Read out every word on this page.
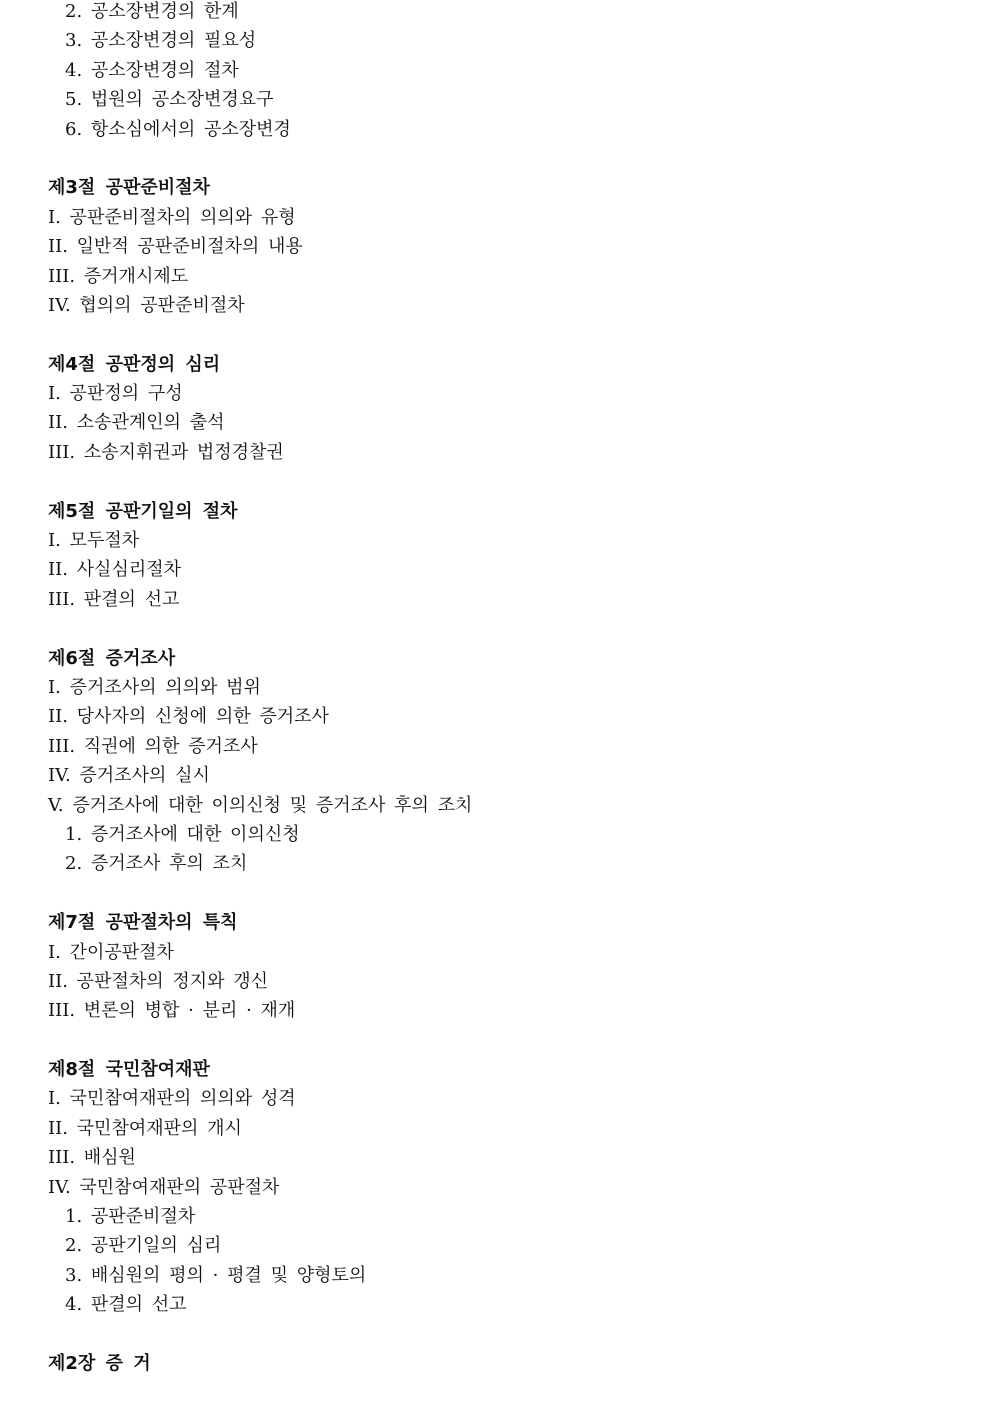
2. 공소장변경의 한계
3. 공소장변경의 필요성
4. 공소장변경의 절차
5. 법원의 공소장변경요구
6. 항소심에서의 공소장변경
제3절 공판준비절차
I. 공판준비절차의 의의와 유형
II. 일반적 공판준비절차의 내용
III. 증거개시제도
IV. 협의의 공판준비절차
제4절 공판정의 심리
I. 공판정의 구성
II. 소송관계인의 출석
III. 소송지휘권과 법정경찰권
제5절 공판기일의 절차
I. 모두절차
II. 사실심리절차
III. 판결의 선고
제6절 증거조사
I. 증거조사의 의의와 범위
II. 당사자의 신청에 의한 증거조사
III. 직권에 의한 증거조사
IV. 증거조사의 실시
V. 증거조사에 대한 이의신청 및 증거조사 후의 조치
1. 증거조사에 대한 이의신청
2. 증거조사 후의 조치
제7절 공판절차의 특칙
I. 간이공판절차
II. 공판절차의 정지와 갱신
III. 변론의 병합 · 분리 · 재개
제8절 국민참여재판
I. 국민참여재판의 의의와 성격
II. 국민참여재판의 개시
III. 배심원
IV. 국민참여재판의 공판절차
1. 공판준비절차
2. 공판기일의 심리
3. 배심원의 평의 · 평결 및 양형토의
4. 판결의 선고
제2장 증 거
